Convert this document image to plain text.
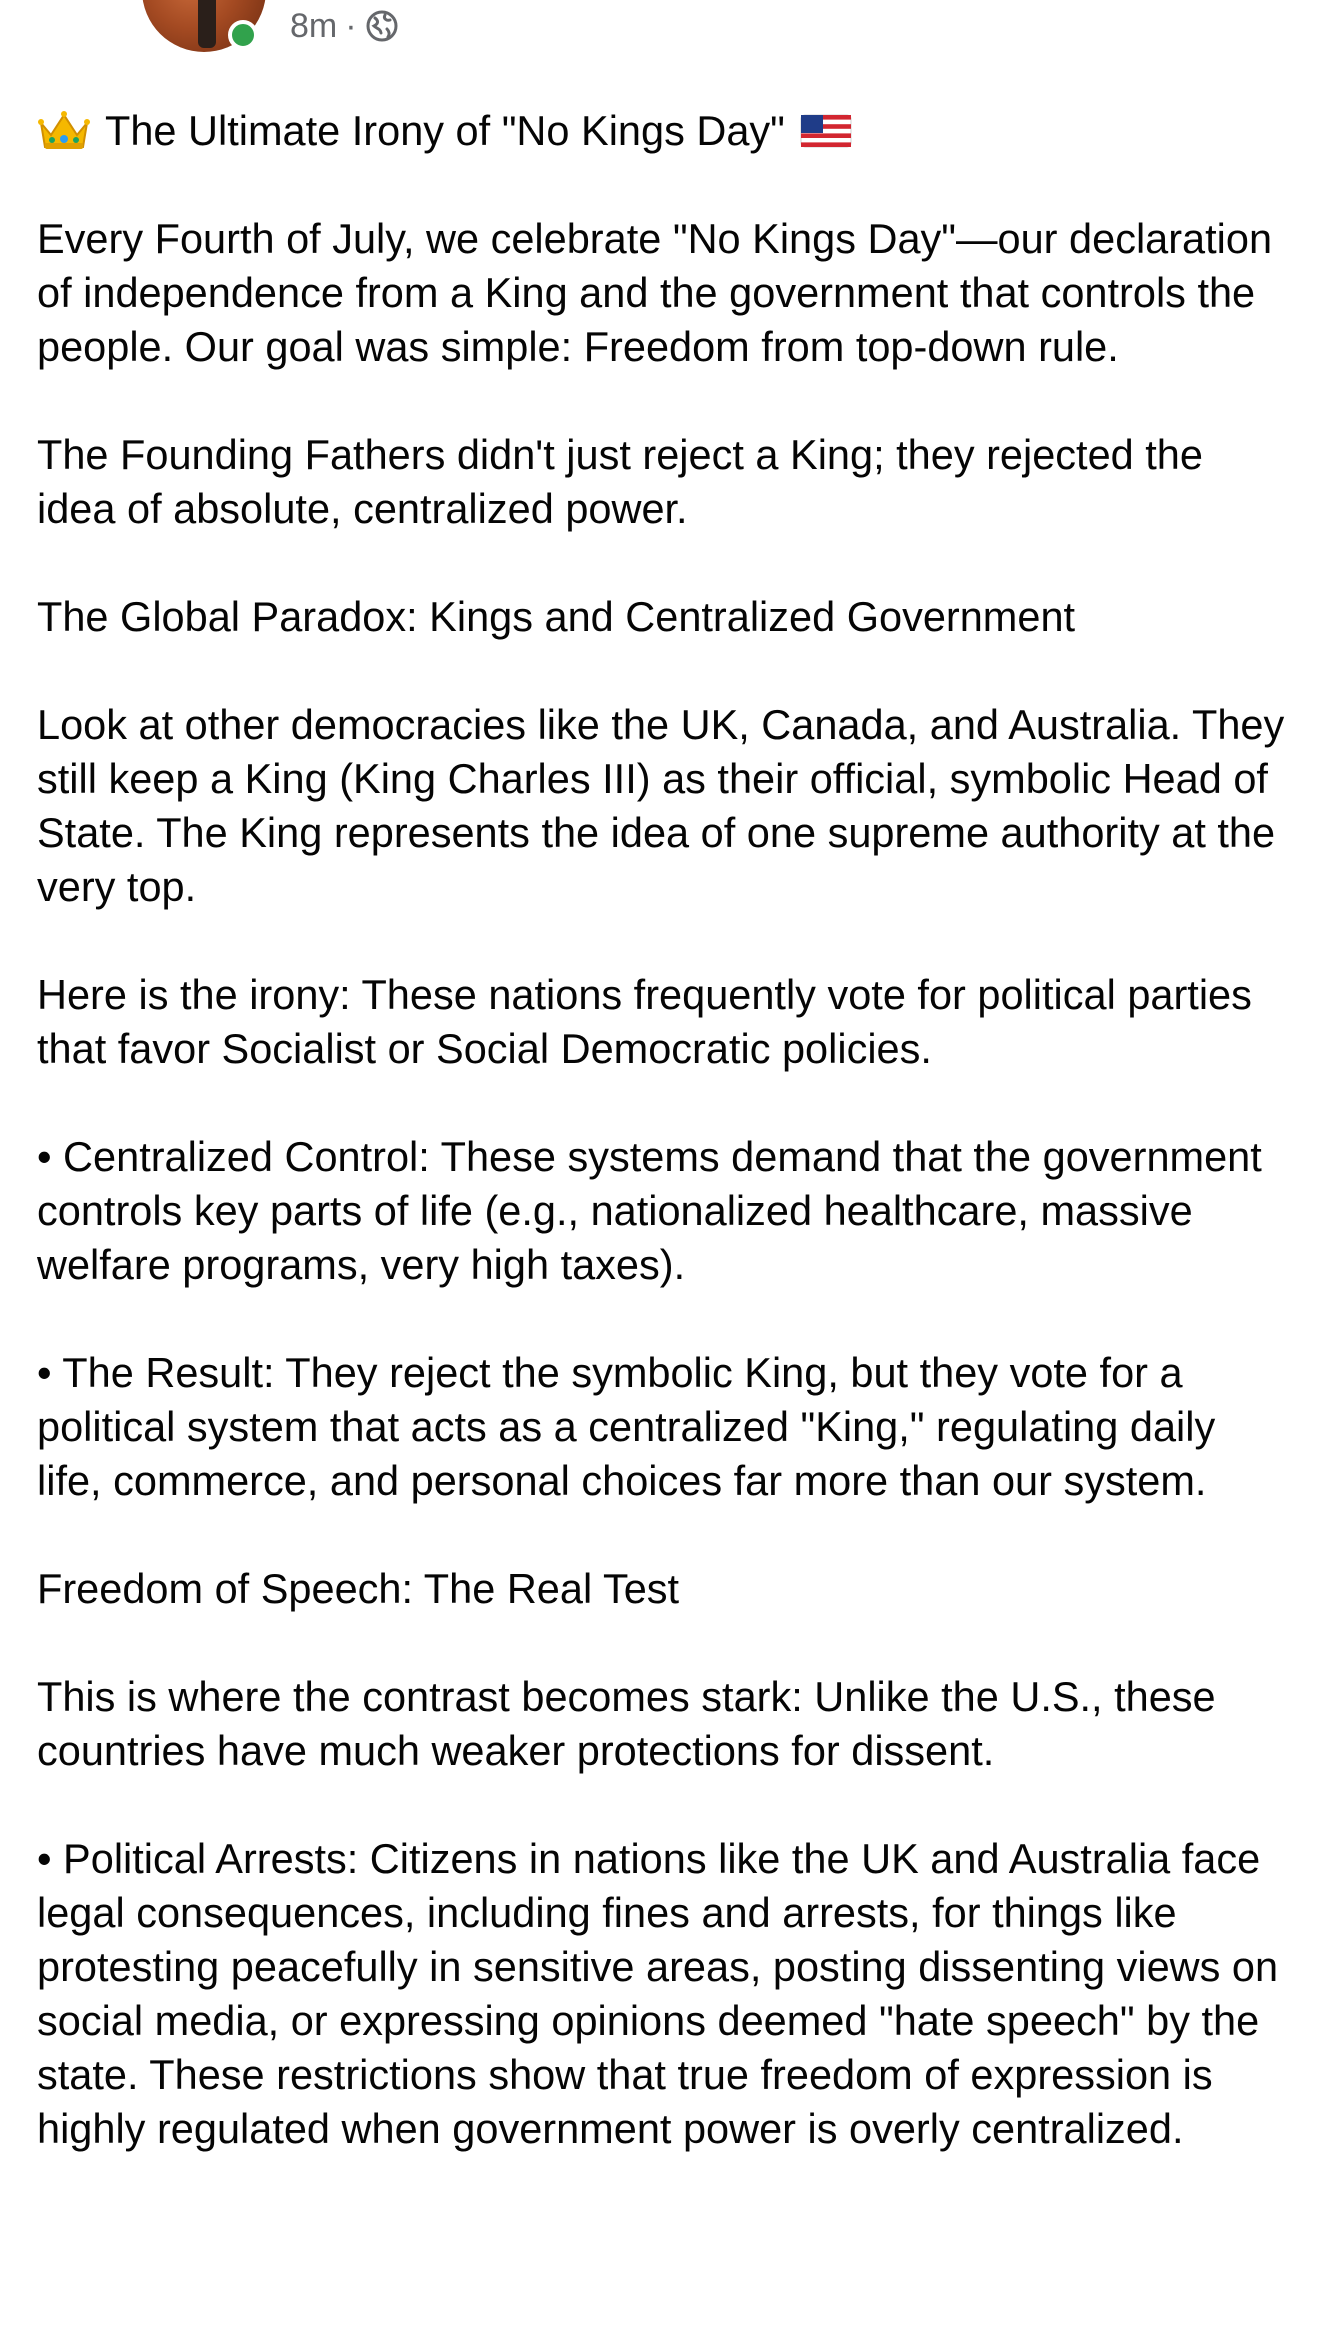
8m ·
The Ultimate Irony of "No Kings Day"

Every Fourth of July, we celebrate "No Kings Day"—our declaration of independence from a King and the government that controls the people. Our goal was simple: Freedom from top-down rule.

The Founding Fathers didn't just reject a King; they rejected the idea of absolute, centralized power.

The Global Paradox: Kings and Centralized Government

Look at other democracies like the UK, Canada, and Australia. They still keep a King (King Charles III) as their official, symbolic Head of State. The King represents the idea of one supreme authority at the very top.

Here is the irony: These nations frequently vote for political parties that favor Socialist or Social Democratic policies.

• Centralized Control: These systems demand that the government controls key parts of life (e.g., nationalized healthcare, massive welfare programs, very high taxes).

• The Result: They reject the symbolic King, but they vote for a political system that acts as a centralized "King," regulating daily life, commerce, and personal choices far more than our system.

Freedom of Speech: The Real Test

This is where the contrast becomes stark: Unlike the U.S., these countries have much weaker protections for dissent.

• Political Arrests: Citizens in nations like the UK and Australia face legal consequences, including fines and arrests, for things like protesting peacefully in sensitive areas, posting dissenting views on social media, or expressing opinions deemed "hate speech" by the state. These restrictions show that true freedom of expression is highly regulated when government power is overly centralized.
